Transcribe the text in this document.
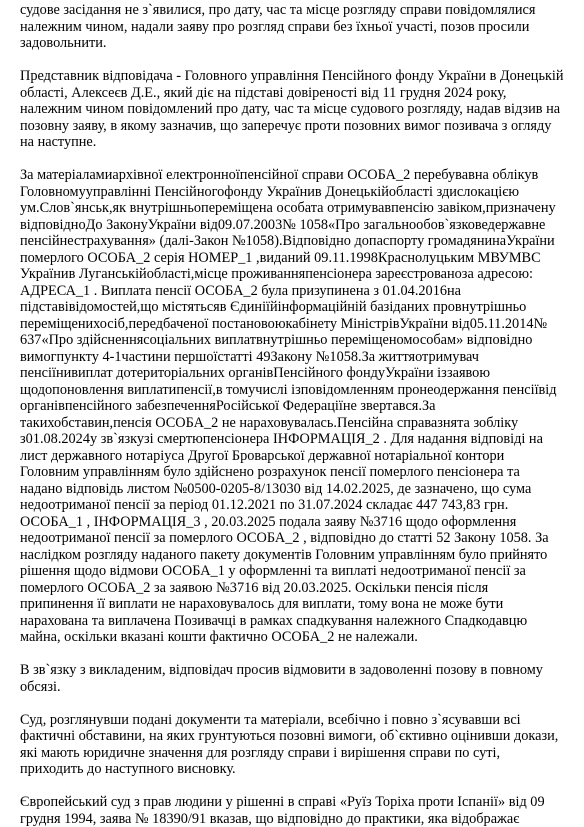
судове засідання не з`явилися, про дату, час та місце розгляду справи повідомлялися належним чином, надали заяву про розгляд справи без їхньої участі, позов просили задовольнити.

Представник відповідача - Головного управління Пенсійного фонду України в Донецькій області, Алексеєв Д.Е., який діє на підставі довіреності від 11 грудня 2024 року, належним чином повідомлений про дату, час та місце судового розгляду, надав відзив на позовну заяву, в якому зазначив, що заперечує проти позовних вимог позивача з огляду на наступне.

За матеріаламиархівної електронноїпенсійної справи ОСОБА_2 перебувавна облікув Головномууправлінні Пенсійногофонду Українив Донецькійобласті здислокацією ум.Слов`янськ,як внутрішньопереміщена особата отримувавпенсію завіком,призначену відповідноДо ЗаконуУкраїни від09.07.2003№ 1058«Про загальнообов`язковедержавне пенсійнестрахування» (далі-Закон №1058).Відповідно допаспорту громадянинаУкраїни померлого ОСОБА_2 серія НОМЕР_1 ,виданий 09.11.1998Краснолуцьким МВУМВС Українив Луганськійобласті,місце проживанняпенсіонера зареєстрованоза адресою: АДРЕСА_1 . Виплата пенсії ОСОБА_2 була призупинена з 01.04.2016на підставівідомостей,що містятьсяв Єдиніїйінформаційній базіданих провнутрішньо переміщенихосіб,передбаченої постановоюкабінету МіністрівУкраїни від05.11.2014№ 637«Про здійсненнясоціальних виплатвнутрішньо переміщеномособам» відповідно вимогпункту 4-1частини першоїстатті 49Закону №1058.За життяотримувач пенсіїнивиплат дотериторіальних органівПенсійного фондуУкраїни іззаявою щодопоновлення виплатипенсії,в томучислі ізповідомленням пронеодержання пенсіївід органівпенсійного забезпеченняРосійської Федераціїне звертався.За такихобставин,пенсія ОСОБА_2 не нараховувалась.Пенсійна справазнята зобліку з01.08.2024у зв`язкузі смертюпенсіонера ІНФОРМАЦІЯ_2 . Для надання відповіді на лист державного нотаріуса Другої Броварської державної нотаріальної контори Головним управлінням було здійснено розрахунок пенсії померлого пенсіонера та надано відповідь листом №0500-0205-8/13030 від 14.02.2025, де зазначено, що сума недоотриманої пенсії за період 01.12.2021 по 31.07.2024 складає 447 743,83 грн. ОСОБА_1 , ІНФОРМАЦІЯ_3 , 20.03.2025 подала заяву №3716 щодо оформлення недоотриманої пенсії за померлого ОСОБА_2 , відповідно до статті 52 Закону 1058. За наслідком розгляду наданого пакету документів Головним управлінням було прийнято рішення щодо відмови ОСОБА_1 у оформленні та виплаті недоотриманої пенсії за померлого ОСОБА_2 за заявою №3716 від 20.03.2025. Оскільки пенсія після припинення її виплати не нараховувалось для виплати, тому вона не може бути нарахована та виплачена Позивачці в рамках спадкування належного Спадкодавцю майна, оскільки вказані кошти фактично ОСОБА_2 не належали.

В зв`язку з викладеним, відповідач просив відмовити в задоволенні позову в повному обсязі.

Суд, розглянувши подані документи та матеріали, всебічно і повно з`ясувавши всі фактичні обставини, на яких грунтуються позовні вимоги, об`єктивно оцінивши докази, які мають юридичне значення для розгляду справи і вирішення справи по суті, приходить до наступного висновку.

Європейський суд з прав людини у рішенні в справі «Руїз Торіха проти Іспанії» від 09 грудня 1994, заява № 18390/91 вказав, що відповідно до практики, яка відображає
